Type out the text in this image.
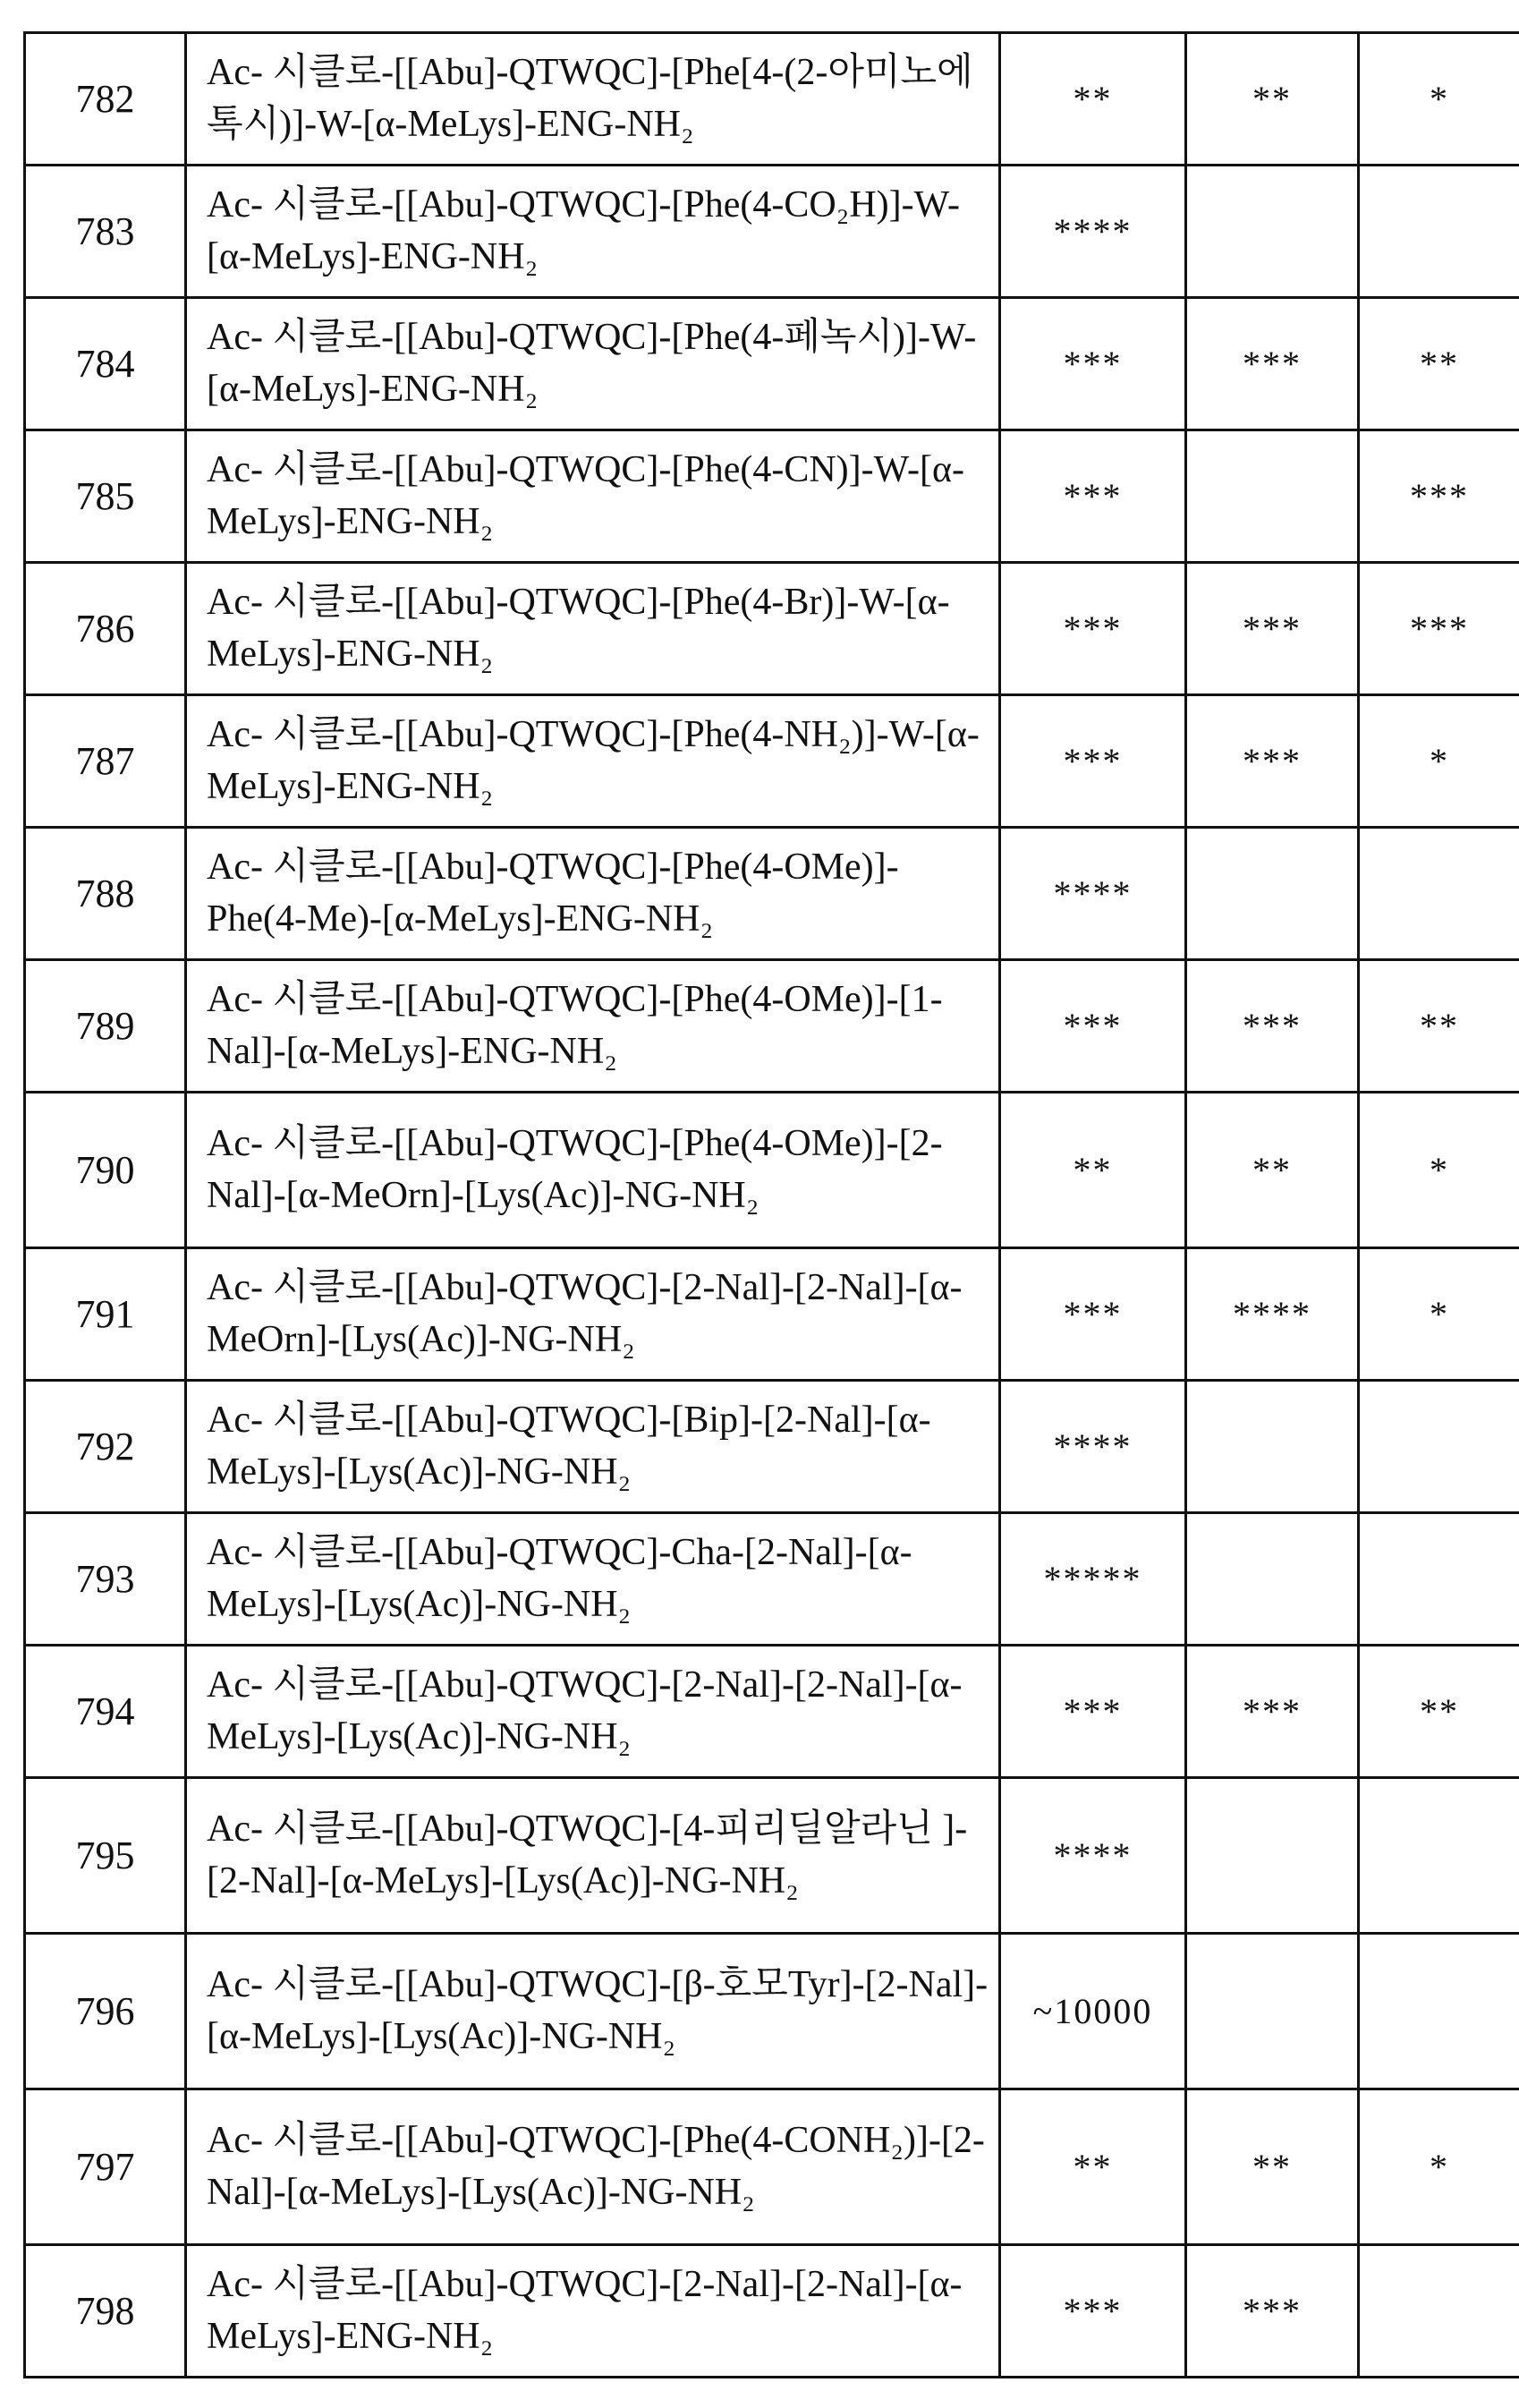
782	Ac- 시클로-[[Abu]-QTWQC]-[Phe[4-(2-아미노에톡시)]-W-[α-MeLys]-ENG-NH₂	**	**	*
783	Ac- 시클로-[[Abu]-QTWQC]-[Phe(4-CO₂H)]-W-[α-MeLys]-ENG-NH₂	****		
784	Ac- 시클로-[[Abu]-QTWQC]-[Phe(4-페녹시)]-W-[α-MeLys]-ENG-NH₂	***	***	**
785	Ac- 시클로-[[Abu]-QTWQC]-[Phe(4-CN)]-W-[α-MeLys]-ENG-NH₂	***		***
786	Ac- 시클로-[[Abu]-QTWQC]-[Phe(4-Br)]-W-[α-MeLys]-ENG-NH₂	***	***	***
787	Ac- 시클로-[[Abu]-QTWQC]-[Phe(4-NH₂)]-W-[α-MeLys]-ENG-NH₂	***	***	*
788	Ac- 시클로-[[Abu]-QTWQC]-[Phe(4-OMe)]-Phe(4-Me)-[α-MeLys]-ENG-NH₂	****		
789	Ac- 시클로-[[Abu]-QTWQC]-[Phe(4-OMe)]-[1-Nal]-[α-MeLys]-ENG-NH₂	***	***	**
790	Ac- 시클로-[[Abu]-QTWQC]-[Phe(4-OMe)]-[2-Nal]-[α-MeOrn]-[Lys(Ac)]-NG-NH₂	**	**	*
791	Ac- 시클로-[[Abu]-QTWQC]-[2-Nal]-[2-Nal]-[α-MeOrn]-[Lys(Ac)]-NG-NH₂	***	****	*
792	Ac- 시클로-[[Abu]-QTWQC]-[Bip]-[2-Nal]-[α-MeLys]-[Lys(Ac)]-NG-NH₂	****		
793	Ac- 시클로-[[Abu]-QTWQC]-Cha-[2-Nal]-[α-MeLys]-[Lys(Ac)]-NG-NH₂	*****		
794	Ac- 시클로-[[Abu]-QTWQC]-[2-Nal]-[2-Nal]-[α-MeLys]-[Lys(Ac)]-NG-NH₂	***	***	**
795	Ac- 시클로-[[Abu]-QTWQC]-[4-피리딜알라닌 ]-[2-Nal]-[α-MeLys]-[Lys(Ac)]-NG-NH₂	****		
796	Ac- 시클로-[[Abu]-QTWQC]-[β-호모Tyr]-[2-Nal]-[α-MeLys]-[Lys(Ac)]-NG-NH₂	~10000		
797	Ac- 시클로-[[Abu]-QTWQC]-[Phe(4-CONH₂)]-[2-Nal]-[α-MeLys]-[Lys(Ac)]-NG-NH₂	**	**	*
798	Ac- 시클로-[[Abu]-QTWQC]-[2-Nal]-[2-Nal]-[α-MeLys]-ENG-NH₂	***	***	
